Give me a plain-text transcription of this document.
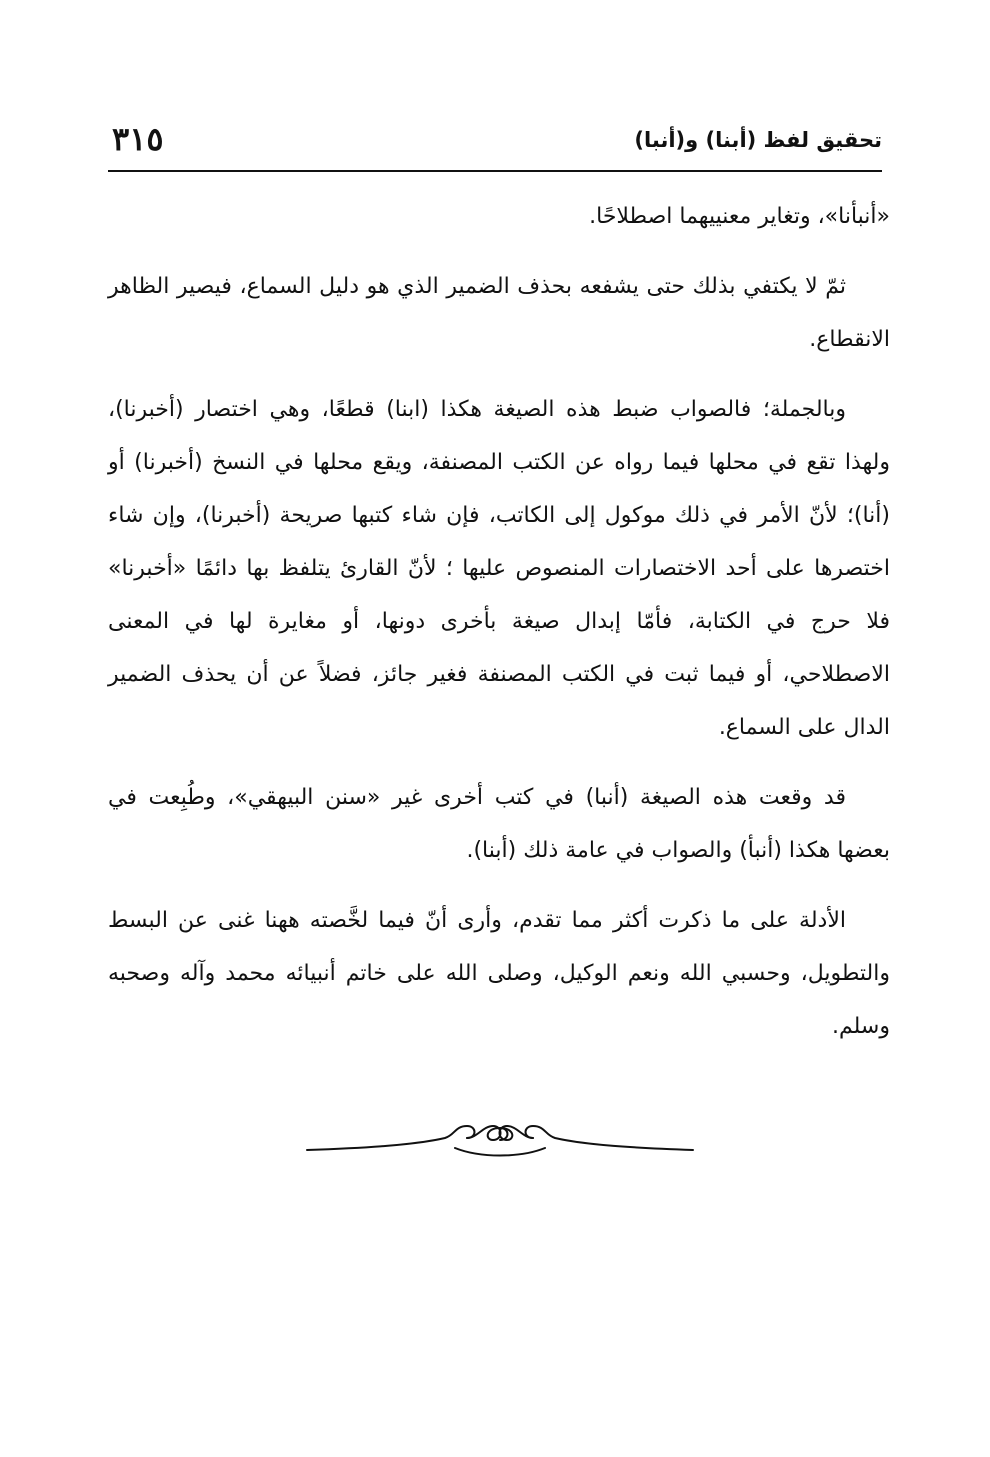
٣١٥	تحقيق لفظ (أبنا) و(أنبا)

«أنبأنا»، وتغاير معنييهما اصطلاحًا.

ثمّ لا يكتفي بذلك حتى يشفعه بحذف الضمير الذي هو دليل السماع، فيصير الظاهر الانقطاع.

وبالجملة؛ فالصواب ضبط هذه الصيغة هكذا (ابنا) قطعًا، وهي اختصار (أخبرنا)، ولهذا تقع في محلها فيما رواه عن الكتب المصنفة، ويقع محلها في النسخ (أخبرنا) أو (أنا)؛ لأنّ الأمر في ذلك موكول إلى الكاتب، فإن شاء كتبها صريحة (أخبرنا)، وإن شاء اختصرها على أحد الاختصارات المنصوص عليها ؛ لأنّ القارئ يتلفظ بها دائمًا «أخبرنا» فلا حرج في الكتابة، فأمّا إبدال صيغة بأخرى دونها، أو مغايرة لها في المعنى الاصطلاحي، أو فيما ثبت في الكتب المصنفة فغير جائز، فضلاً عن أن يحذف الضمير الدال على السماع.

قد وقعت هذه الصيغة (أنبا) في كتب أخرى غير «سنن البيهقي»، وطُبِعت في بعضها هكذا (أنبأ) والصواب في عامة ذلك (أبنا).

الأدلة على ما ذكرت أكثر مما تقدم، وأرى أنّ فيما لخَّصته ههنا غنى عن البسط والتطويل، وحسبي الله ونعم الوكيل، وصلى الله على خاتم أنبيائه محمد وآله وصحبه وسلم.
